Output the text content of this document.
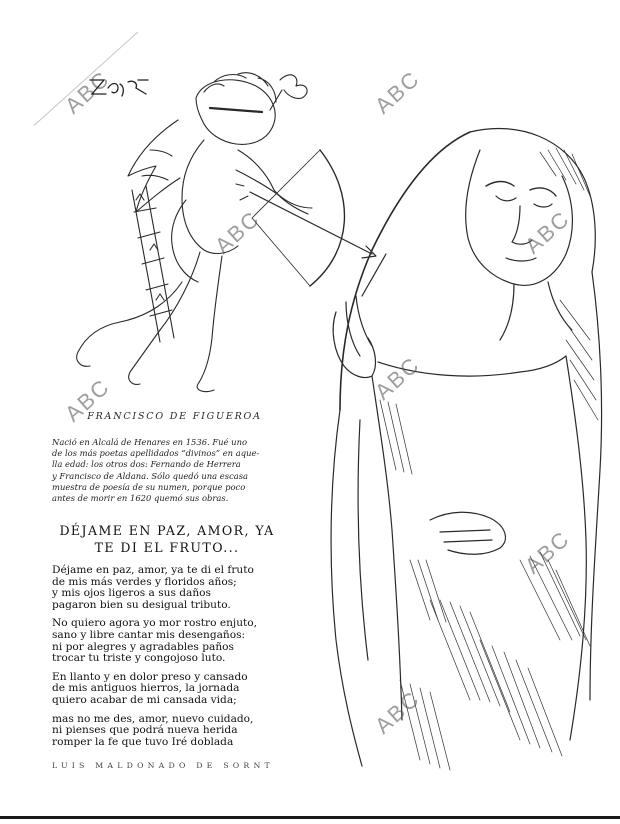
ABC	ABC
ABC	ABC
ABC	ABC
ABC
ABC
FRANCISCO DE FIGUEROA
Nació en Alcalá de Henares en 1536. Fué uno
de los más poetas apellidados “divinos” en aque-
lla edad: los otros dos: Fernando de Herrera
y Francisco de Aldana. Sólo quedó una escasa
muestra de poesía de su numen, porque poco
antes de morir en 1620 quemó sus obras.
DÉJAME EN PAZ, AMOR, YA TE DI EL FRUTO...
Déjame en paz, amor, ya te di el fruto
de mis más verdes y floridos años;
y mis ojos ligeros a sus daños
pagaron bien su desigual tributo.
No quiero agora yo mor rostro enjuto,
sano y libre cantar mis desengaños:
ni por alegres y agradables paños
trocar tu triste y congojoso luto.
En llanto y en dolor preso y cansado
de mis antiguos hierros, la jornada
quiero acabar de mi cansada vida;
mas no me des, amor, nuevo cuidado,
ni pienses que podrá nueva herida
romper la fe que tuvo Iré doblada
LUIS MALDONADO DE SORNT
